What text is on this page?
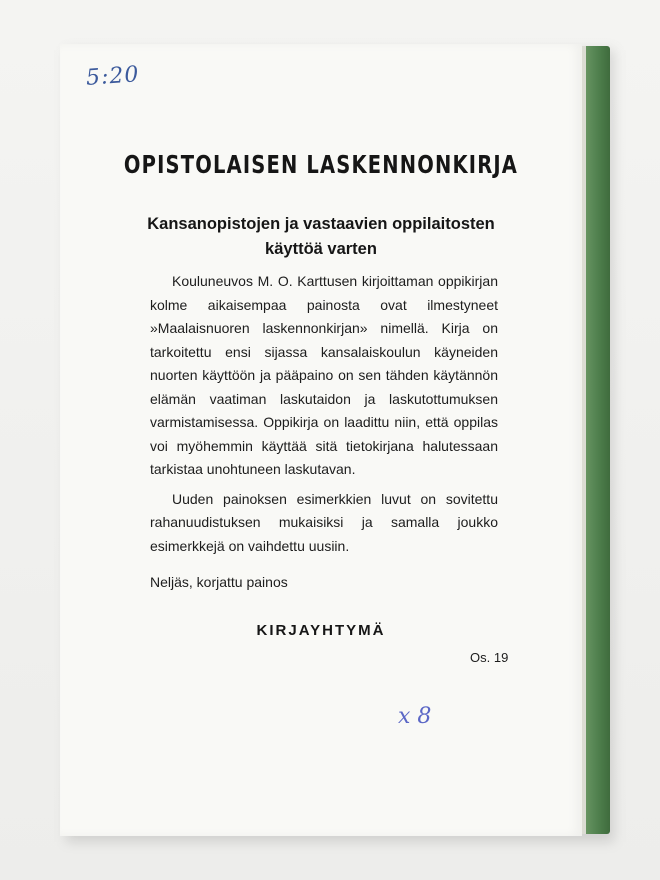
5:20
OPISTOLAISEN LASKENNONKIRJA
Kansanopistojen ja vastaavien oppilaitosten
käyttöä varten

Kouluneuvos M. O. Karttusen kirjoittaman oppikirjan kolme aikaisempaa painosta ovat ilmestyneet »Maalaisnuoren laskennonkirjan» nimellä. Kirja on tarkoitettu ensi sijassa kansalaiskoulun käyneiden nuorten käyttöön ja pääpaino on sen tähden käytännön elämän vaatiman laskutaidon ja laskutottumuksen varmistamisessa. Oppikirja on laadittu niin, että oppilas voi myöhemmin käyttää sitä tietokirjana halutessaan tarkistaa unohtuneen laskutavan.

Uuden painoksen esimerkkien luvut on sovitettu rahanuudistuksen mukaisiksi ja samalla joukko esimerkkejä on vaihdettu uusiin.

Neljäs, korjattu painos
KIRJAYHTYMÄ
Os. 19
x 8
